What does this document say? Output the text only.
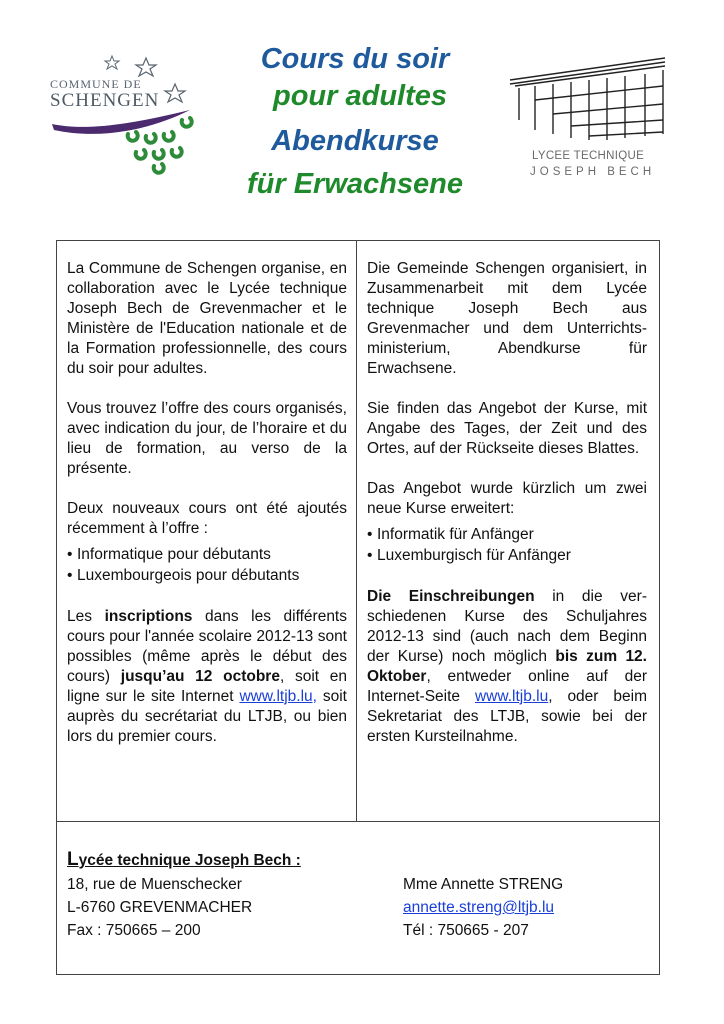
COMMUNE DE
SCHENGEN
Cours du soir
pour adultes
Abendkurse
für Erwachsene
LYCEE TECHNIQUE
JOSEPH BECH

La Commune de Schengen organise, en collaboration avec le Lycée technique Joseph Bech de Grevenmacher et le Ministère de l'Education nationale et de la Formation professionnelle, des cours du soir pour adultes.

Vous trouvez l’offre des cours organisés, avec indication du jour, de l’horaire et du lieu de formation, au verso de la présente.

Deux nouveaux cours ont été ajoutés récemment à l’offre :

• Informatique pour débutants
• Luxembourgeois pour débutants

Les inscriptions dans les différents cours pour l'année scolaire 2012-13 sont possibles (même après le début des cours) jusqu’au 12 octobre, soit en ligne sur le site Internet www.ltjb.lu, soit auprès du secrétariat du LTJB, ou bien lors du premier cours.

Die Gemeinde Schengen organisiert, in Zusammenarbeit mit dem Lycée technique Joseph Bech aus Grevenmacher und dem Unterrichts-ministerium, Abendkurse für Erwachsene.

Sie finden das Angebot der Kurse, mit Angabe des Tages, der Zeit und des Ortes, auf der Rückseite dieses Blattes.

Das Angebot wurde kürzlich um zwei neue Kurse erweitert:

• Informatik für Anfänger
• Luxemburgisch für Anfänger

Die Einschreibungen in die ver-schiedenen Kurse des Schuljahres 2012-13 sind (auch nach dem Beginn der Kurse) noch möglich bis zum 12. Oktober, entweder online auf der Internet-Seite www.ltjb.lu, oder beim Sekretariat des LTJB, sowie bei der ersten Kursteilnahme.

Lycée technique Joseph Bech :
18, rue de Muenschecker
L-6760 GREVENMACHER
Fax : 750665 – 200
Mme Annette STRENG
annette.streng@ltjb.lu
Tél : 750665 - 207
